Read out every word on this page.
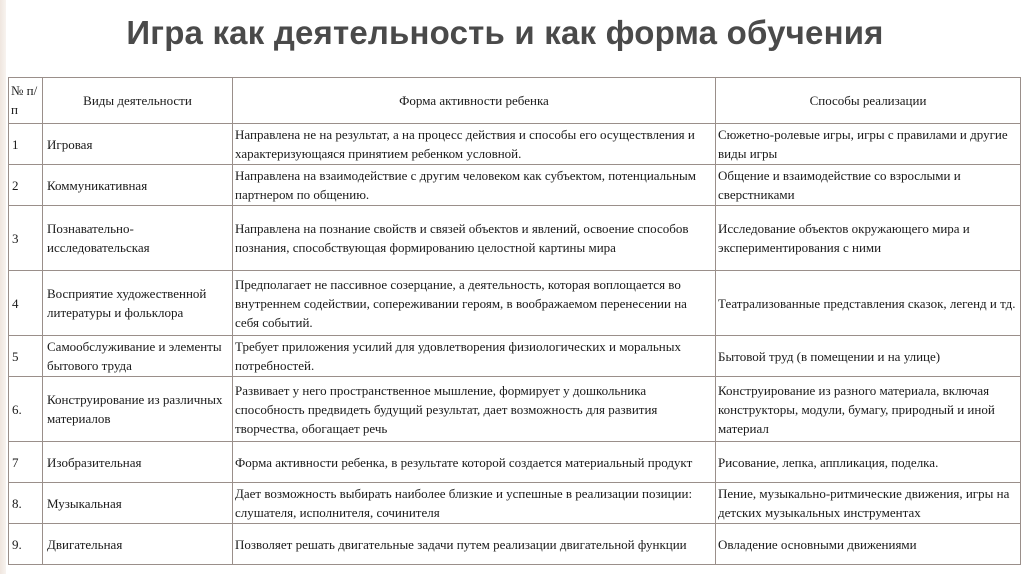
Игра как деятельность и как форма обучения
№ п/п	Виды деятельности	Форма активности ребенка	Способы реализации
1	Игровая	Направлена не на результат, а на процесс действия и способы его осуществления и характеризующаяся принятием ребенком условной.	Сюжетно-ролевые игры, игры с правилами и другие виды игры
2	Коммуникативная	Направлена на взаимодействие с другим человеком как субъектом, потенциальным партнером по общению.	Общение и взаимодействие со взрослыми и сверстниками
3	Познавательно-исследовательская	Направлена на познание свойств и связей объектов и явлений, освоение способов познания, способствующая формированию целостной картины мира	Исследование объектов окружающего мира и экспериментирования с ними
4	Восприятие художественной литературы и фольклора	Предполагает не пассивное созерцание, а деятельность, которая воплощается во внутреннем содействии, сопереживании героям, в воображаемом перенесении на себя событий.	Театрализованные представления сказок, легенд и тд.
5	Самообслуживание и элементы бытового труда	Требует приложения усилий для удовлетворения физиологических и моральных потребностей.	Бытовой труд (в помещении и на улице)
6.	Конструирование из различных материалов	Развивает у него пространственное мышление, формирует у дошкольника способность предвидеть будущий результат, дает возможность для развития творчества, обогащает речь	Конструирование из разного материала, включая конструкторы, модули, бумагу, природный и иной материал
7	Изобразительная	Форма активности ребенка, в результате которой создается материальный продукт	Рисование, лепка, аппликация, поделка.
8.	Музыкальная	Дает возможность выбирать наиболее близкие и успешные в реализации позиции: слушателя, исполнителя, сочинителя	Пение, музыкально-ритмические движения, игры на детских музыкальных инструментах
9.	Двигательная	Позволяет решать двигательные задачи путем реализации двигательной функции	Овладение основными движениями
